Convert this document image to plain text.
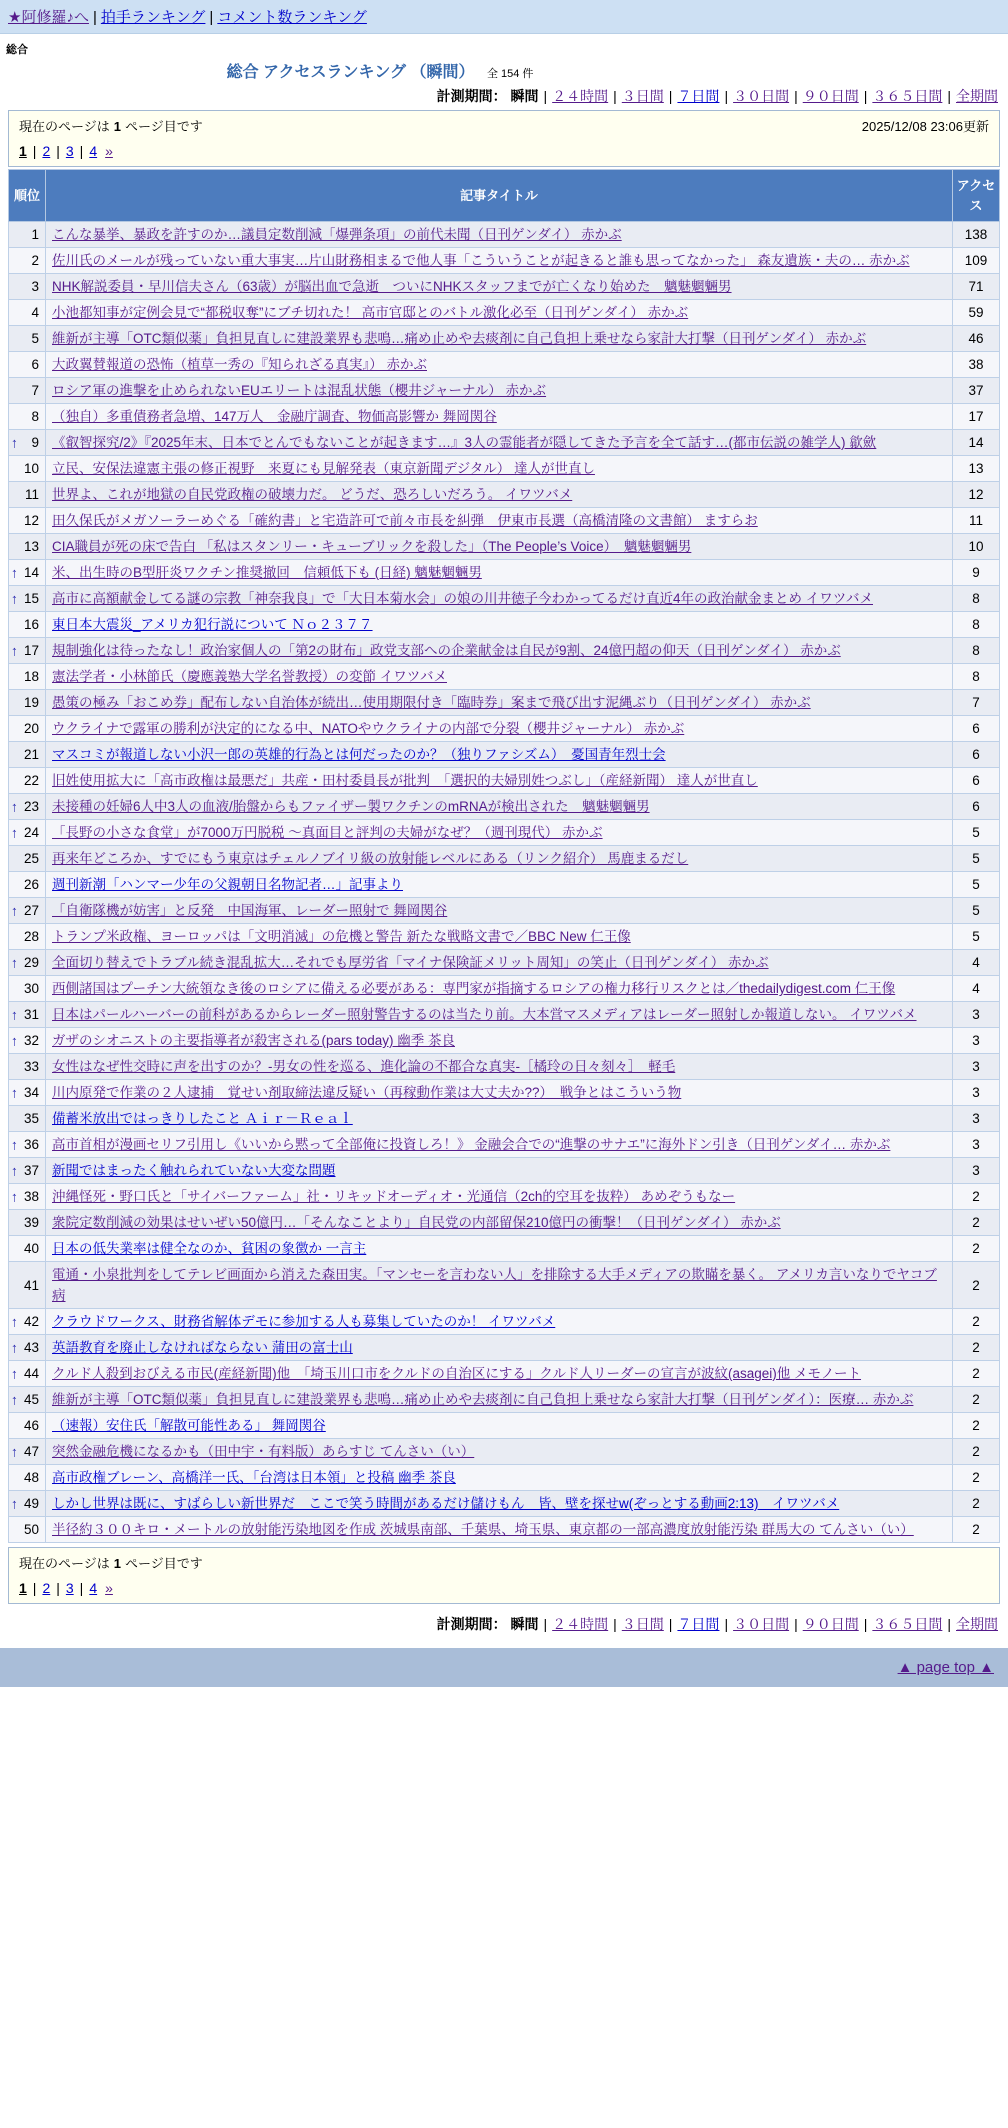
★阿修羅♪へ | 拍手ランキング | コメント数ランキング
総合
総合 アクセスランキング （瞬間） 全 154 件
計測期間： 瞬間 | ２４時間 | ３日間 | ７日間 | ３０日間 | ９０日間 | ３６５日間 | 全期間
現在のページは 1 ページ目です	2025/12/08 23:06更新
1 | 2 | 3 | 4 »
順位	記事タイトル	アクセス

1	こんな暴挙、暴政を許すのか…議員定数削減「爆弾条項」の前代未聞（日刊ゲンダイ） 赤かぶ	138

2	佐川氏のメールが残っていない重大事実…片山財務相まるで他人事「こういうことが起きると誰も思ってなかった」 森友遺族・夫の… 赤かぶ	109

3	NHK解説委員・早川信夫さん（63歳）が脳出血で急逝　ついにNHKスタッフまでが亡くなり始めた　魑魅魍魎男	71

4	小池都知事が定例会見で“都税収奪”にブチ切れた！ 高市官邸とのバトル激化必至（日刊ゲンダイ） 赤かぶ	59

5	維新が主導「OTC類似薬」負担見直しに建設業界も悲鳴…痛め止めや去痰剤に自己負担上乗せなら家計大打撃（日刊ゲンダイ） 赤かぶ	46

6	大政翼賛報道の恐怖（植草一秀の『知られざる真実』） 赤かぶ	38

7	ロシア軍の進撃を止められないEUエリートは混乱状態（櫻井ジャーナル） 赤かぶ	37

8	（独自）多重債務者急増、147万人　金融庁調査、物価高影響か 舞岡関谷	17

↑ 9	《叡智探究/2》『2025年末、日本でとんでもないことが起きます…』3人の霊能者が隠してきた予言を全て話す…(都市伝説の雑学人) 歙歛	14

10	立民、安保法違憲主張の修正視野　来夏にも見解発表（東京新聞デジタル） 達人が世直し	13

11	世界よ、これが地獄の自民党政権の破壊力だ。 どうだ、恐ろしいだろう。 イワツバメ	12

12	田久保氏がメガソーラーめぐる「確約書」と宅造許可で前々市長を糾弾　伊東市長選（高橋清隆の文書館） ますらお	11

13	CIA職員が死の床で告白 「私はスタンリー・キューブリックを殺した」（The People’s Voice）　魑魅魍魎男	10

↑ 14	米、出生時のB型肝炎ワクチン推奨撤回　信頼低下も (日経) 魑魅魍魎男	9

↑ 15	高市に高額献金してる謎の宗教「神奈我良」で「大日本菊水会」の娘の川井徳子今わかってるだけ直近4年の政治献金まとめ イワツバメ	8

16	東日本大震災_アメリカ犯行説について Ｎｏ２３７７	8

↑ 17	規制強化は待ったなし！政治家個人の「第2の財布」政党支部への企業献金は自民が9割、24億円超の仰天（日刊ゲンダイ） 赤かぶ	8

18	憲法学者・小林節氏（慶應義塾大学名誉教授）の変節 イワツバメ	8

19	愚策の極み「おこめ券」配布しない自治体が続出…使用期限付き「臨時券」案まで飛び出す泥縄ぶり（日刊ゲンダイ） 赤かぶ	7

20	ウクライナで露軍の勝利が決定的になる中、NATOやウクライナの内部で分裂（櫻井ジャーナル） 赤かぶ	6

21	マスコミが報道しない小沢一郎の英雄的行為とは何だったのか？（独りファシズム）　憂国青年烈士会	6

22	旧姓使用拡大に「高市政権は最悪だ」共産・田村委員長が批判　「選択的夫婦別姓つぶし」（産経新聞） 達人が世直し	6

↑ 23	未接種の妊婦6人中3人の血液/胎盤からもファイザー製ワクチンのmRNAが検出された　魑魅魍魎男	6

↑ 24	「長野の小さな食堂」が7000万円脱税 ～真面目と評判の夫婦がなぜ？（週刊現代） 赤かぶ	5

25	再来年どころか、すでにもう東京はチェルノブイリ級の放射能レベルにある（リンク紹介） 馬鹿まるだし	5

26	週刊新潮「ハンマー少年の父親朝日名物記者…」記事より	5

↑ 27	「自衛隊機が妨害」と反発　中国海軍、レーダー照射で 舞岡関谷	5

28	トランプ米政権、ヨーロッパは「文明消滅」の危機と警告 新たな戦略文書で／BBC New 仁王像	5

↑ 29	全面切り替えでトラブル続き混乱拡大…それでも厚労省「マイナ保険証メリット周知」の笑止（日刊ゲンダイ） 赤かぶ	4

30	西側諸国はプーチン大統領なき後のロシアに備える必要がある：専門家が指摘するロシアの権力移行リスクとは／thedailydigest.com 仁王像	4

↑ 31	日本はパールハーバーの前科があるからレーダー照射警告するのは当たり前。大本営マスメディアはレーダー照射しか報道しない。 イワツバメ	3

↑ 32	ガザのシオニストの主要指導者が殺害される(pars today) 幽季 茶良	3

33	女性はなぜ性交時に声を出すのか？-男女の性を巡る、進化論の不都合な真実-［橘玲の日々刻々］　軽毛	3

↑ 34	川内原発で作業の２人逮捕　覚せい剤取締法違反疑い（再稼動作業は大丈夫か??）　戦争とはこういう物	3

35	備蓄米放出ではっきりしたこと Ａｉｒ－Ｒｅａｌ	3

↑ 36	高市首相が漫画セリフ引用し《いいから黙って全部俺に投資しろ！》 金融会合での“進撃のサナエ”に海外ドン引き（日刊ゲンダイ… 赤かぶ	3

↑ 37	新聞ではまったく触れられていない大変な問題	3

↑ 38	沖縄怪死・野口氏と「サイバーファーム」社・リキッドオーディオ・光通信（2ch的空耳を抜粋） あめぞうもなー	2

39	衆院定数削減の効果はせいぜい50億円…「そんなことより」自民党の内部留保210億円の衝撃！（日刊ゲンダイ） 赤かぶ	2

40	日本の低失業率は健全なのか、貧困の象徴か 一言主	2

41	電通・小泉批判をしてテレビ画面から消えた森田実。「マンセーを言わない人」を排除する大手メディアの欺瞞を暴く。 アメリカ言いなりでヤコブ病	2

↑ 42	クラウドワークス、財務省解体デモに参加する人も募集していたのか！ イワツバメ	2

↑ 43	英語教育を廃止しなければならない 蒲田の富士山	2

↑ 44	クルド人殺到おびえる市民(産経新聞)他　「埼玉川口市をクルドの自治区にする」クルド人リーダーの宣言が波紋(asagei)他 メモノート	2

↑ 45	維新が主導「OTC類似薬」負担見直しに建設業界も悲鳴…痛め止めや去痰剤に自己負担上乗せなら家計大打撃（日刊ゲンダイ）：医療… 赤かぶ	2

46	（速報）安住氏「解散可能性ある」 舞岡関谷	2

↑ 47	突然金融危機になるかも（田中宇・有料版）あらすじ てんさい（い）	2

48	高市政権ブレーン、高橋洋一氏、「台湾は日本領」と投稿 幽季 茶良	2

↑ 49	しかし世界は既に、すばらしい新世界だ　ここで笑う時間があるだけ儲けもん　皆、壁を探せw(ぞっとする動画2:13)　イワツバメ	2

50	半径約３００キロ・メートルの放射能汚染地図を作成 茨城県南部、千葉県、埼玉県、東京都の一部高濃度放射能汚染 群馬大の てんさい（い）	2
現在のページは 1 ページ目です
1 | 2 | 3 | 4 »
計測期間： 瞬間 | ２４時間 | ３日間 | ７日間 | ３０日間 | ９０日間 | ３６５日間 | 全期間
▲ page top ▲
